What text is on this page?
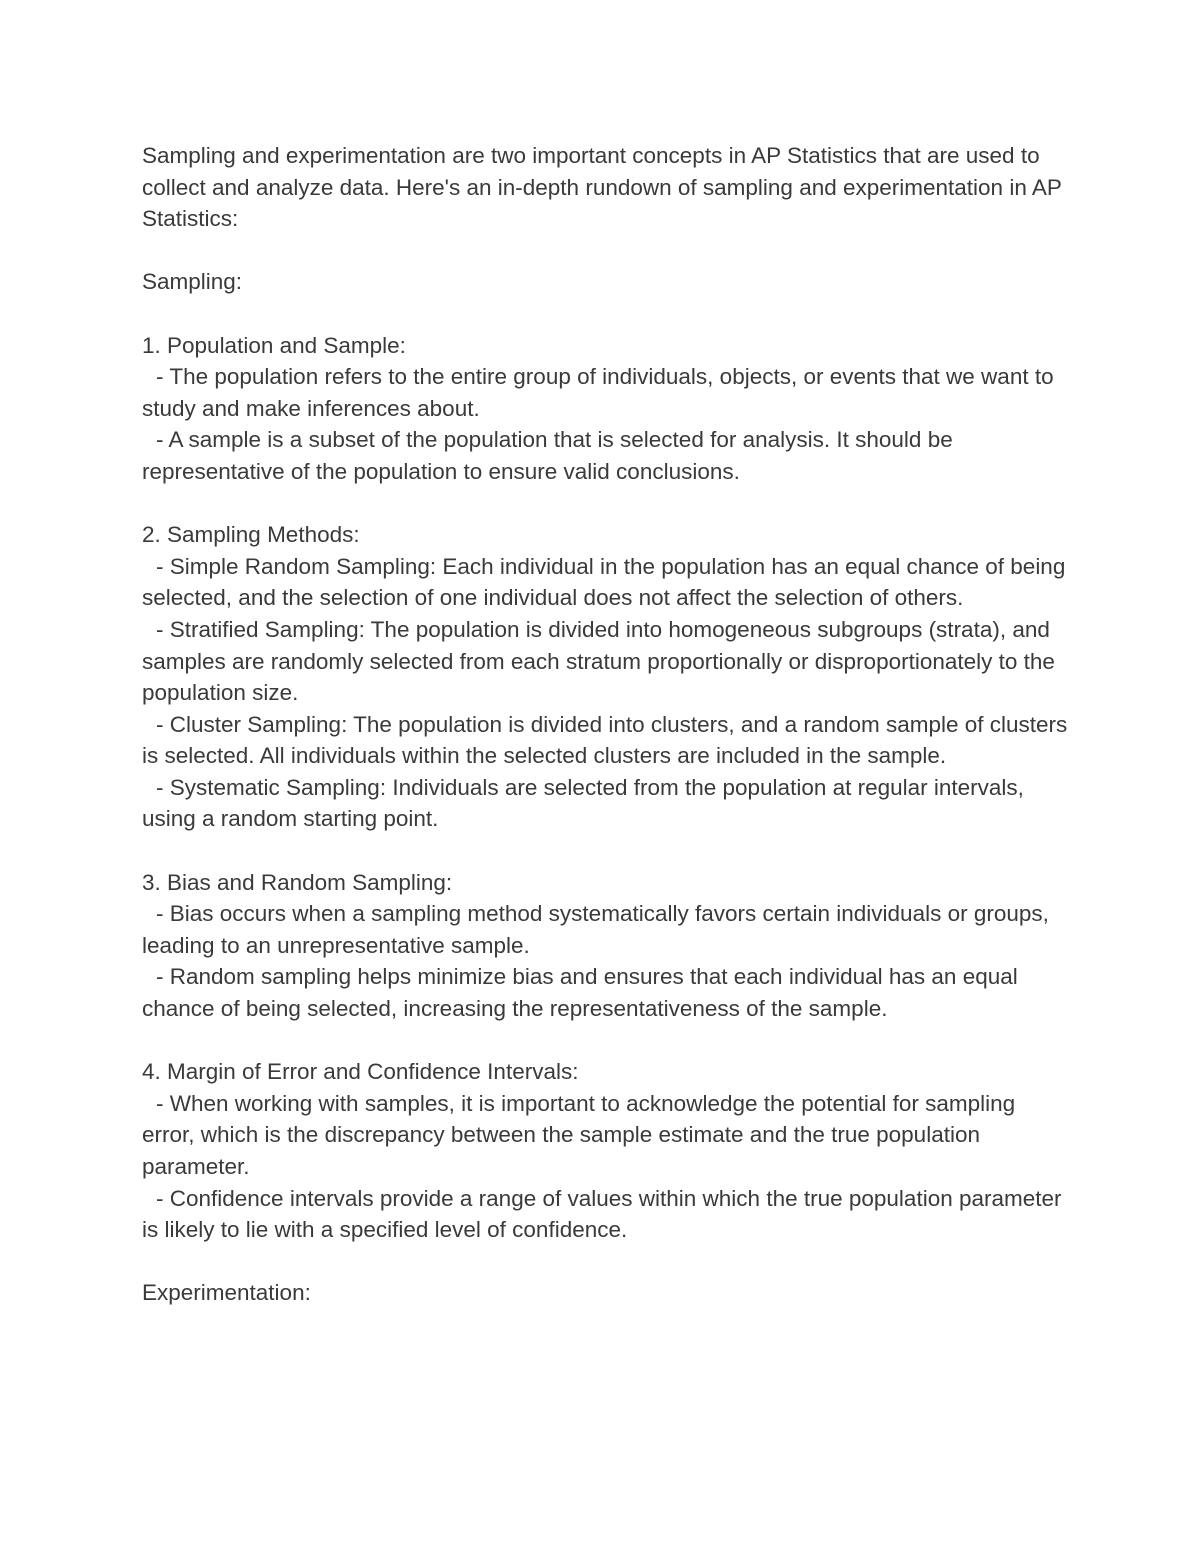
Sampling and experimentation are two important concepts in AP Statistics that are used to collect and analyze data. Here's an in-depth rundown of sampling and experimentation in AP Statistics:

Sampling:

1. Population and Sample:

- The population refers to the entire group of individuals, objects, or events that we want to study and make inferences about.

- A sample is a subset of the population that is selected for analysis. It should be representative of the population to ensure valid conclusions.

2. Sampling Methods:

- Simple Random Sampling: Each individual in the population has an equal chance of being selected, and the selection of one individual does not affect the selection of others.

- Stratified Sampling: The population is divided into homogeneous subgroups (strata), and samples are randomly selected from each stratum proportionally or disproportionately to the population size.

- Cluster Sampling: The population is divided into clusters, and a random sample of clusters is selected. All individuals within the selected clusters are included in the sample.

- Systematic Sampling: Individuals are selected from the population at regular intervals, using a random starting point.

3. Bias and Random Sampling:

- Bias occurs when a sampling method systematically favors certain individuals or groups, leading to an unrepresentative sample.

- Random sampling helps minimize bias and ensures that each individual has an equal chance of being selected, increasing the representativeness of the sample.

4. Margin of Error and Confidence Intervals:

- When working with samples, it is important to acknowledge the potential for sampling error, which is the discrepancy between the sample estimate and the true population parameter.

- Confidence intervals provide a range of values within which the true population parameter is likely to lie with a specified level of confidence.

Experimentation:
